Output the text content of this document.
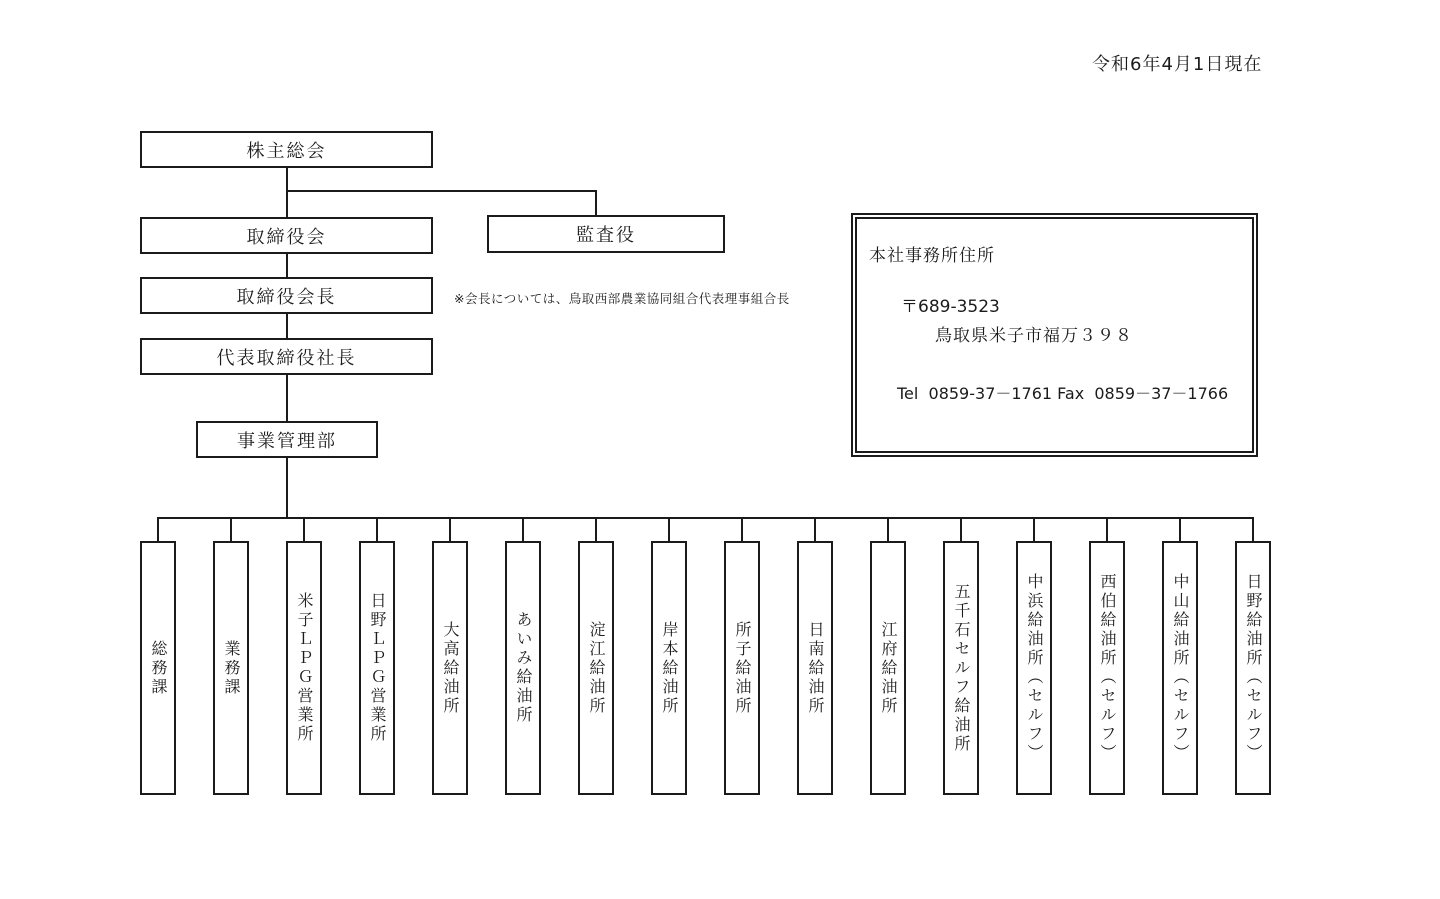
令和6年4月1日現在
株主総会
取締役会	監査役
取締役会長	※会長については、鳥取西部農業協同組合代表理事組合長
代表取締役社長
事業管理部
本社事務所住所
〒689-3523
鳥取県米子市福万３９８
Tel  0859-37－1761 Fax  0859－37－1766
総務課	業務課	米子ＬＰＧ営業所	日野ＬＰＧ営業所	大高給油所	あいみ給油所	淀江給油所	岸本給油所	所子給油所	日南給油所	江府給油所	五千石セルフ給油所	中浜給油所（セルフ）	西伯給油所（セルフ）	中山給油所（セルフ）	日野給油所（セルフ）
